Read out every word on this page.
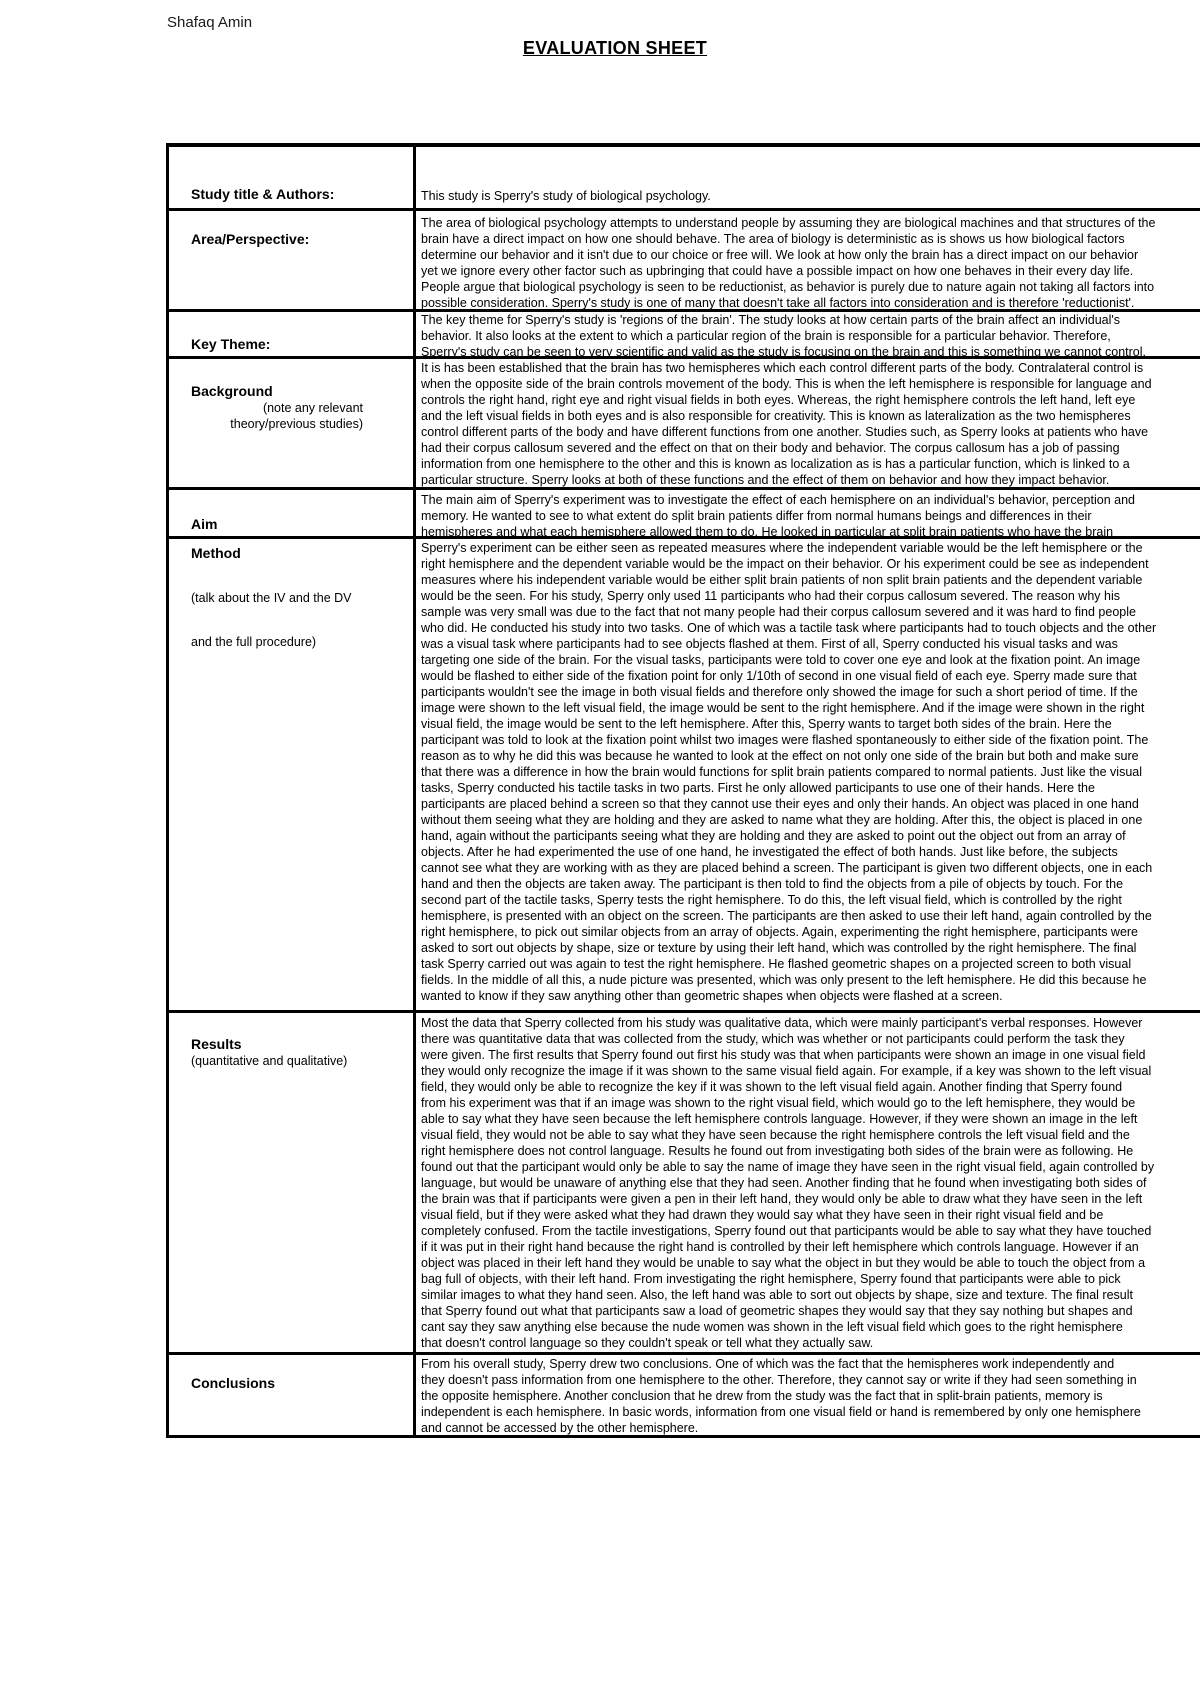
Shafaq Amin
EVALUATION SHEET
Study title & Authors:	This study is Sperry's study of biological psychology.
Area/Perspective:
The area of biological psychology attempts to understand people by assuming they are biological machines and that structures of the
brain have a direct impact on how one should behave. The area of biology is deterministic as is shows us how biological factors
determine our behavior and it isn't due to our choice or free will. We look at how only the brain has a direct impact on our behavior
yet we ignore every other factor such as upbringing that could have a possible impact on how one behaves in their every day life.
People argue that biological psychology is seen to be reductionist, as behavior is purely due to nature again not taking all factors into
possible consideration. Sperry's study is one of many that doesn't take all factors into consideration and is therefore 'reductionist'.
Key Theme:
The key theme for Sperry's study is 'regions of the brain'. The study looks at how certain parts of the brain affect an individual's
behavior. It also looks at the extent to which a particular region of the brain is responsible for a particular behavior. Therefore,
Sperry's study can be seen to very scientific and valid as the study is focusing on the brain and this is something we cannot control.
Background
(note any relevant
theory/previous studies)
It is has been established that the brain has two hemispheres which each control different parts of the body. Contralateral control is
when the opposite side of the brain controls movement of the body. This is when the left hemisphere is responsible for language and
controls the right hand, right eye and right visual fields in both eyes. Whereas, the right hemisphere controls the left hand, left eye
and the left visual fields in both eyes and is also responsible for creativity. This is known as lateralization as the two hemispheres
control different parts of the body and have different functions from one another. Studies such, as Sperry looks at patients who have
had their corpus callosum severed and the effect on that on their body and behavior. The corpus callosum has a job of passing
information from one hemisphere to the other and this is known as localization as is has a particular function, which is linked to a
particular structure. Sperry looks at both of these functions and the effect of them on behavior and how they impact behavior.
Aim
The main aim of Sperry's experiment was to investigate the effect of each hemisphere on an individual's behavior, perception and
memory. He wanted to see to what extent do split brain patients differ from normal humans beings and differences in their
hemispheres and what each hemisphere allowed them to do. He looked in particular at split brain patients who have the brain
Method
(talk about the IV and the DV
and the full procedure)
Sperry's experiment can be either seen as repeated measures where the independent variable would be the left hemisphere or the
right hemisphere and the dependent variable would be the impact on their behavior. Or his experiment could be see as independent
measures where his independent variable would be either split brain patients of non split brain patients and the dependent variable
would be the seen. For his study, Sperry only used 11 participants who had their corpus callosum severed. The reason why his
sample was very small was due to the fact that not many people had their corpus callosum severed and it was hard to find people
who did. He conducted his study into two tasks. One of which was a tactile task where participants had to touch objects and the other
was a visual task where participants had to see objects flashed at them. First of all, Sperry conducted his visual tasks and was
targeting one side of the brain. For the visual tasks, participants were told to cover one eye and look at the fixation point. An image
would be flashed to either side of the fixation point for only 1/10th of second in one visual field of each eye. Sperry made sure that
participants wouldn't see the image in both visual fields and therefore only showed the image for such a short period of time. If the
image were shown to the left visual field, the image would be sent to the right hemisphere. And if the image were shown in the right
visual field, the image would be sent to the left hemisphere. After this, Sperry wants to target both sides of the brain. Here the
participant was told to look at the fixation point whilst two images were flashed spontaneously to either side of the fixation point. The
reason as to why he did this was because he wanted to look at the effect on not only one side of the brain but both and make sure
that there was a difference in how the brain would functions for split brain patients compared to normal patients. Just like the visual
tasks, Sperry conducted his tactile tasks in two parts. First he only allowed participants to use one of their hands. Here the
participants are placed behind a screen so that they cannot use their eyes and only their hands. An object was placed in one hand
without them seeing what they are holding and they are asked to name what they are holding. After this, the object is placed in one
hand, again without the participants seeing what they are holding and they are asked to point out the object out from an array of
objects. After he had experimented the use of one hand, he investigated the effect of both hands. Just like before, the subjects
cannot see what they are working with as they are placed behind a screen. The participant is given two different objects, one in each
hand and then the objects are taken away. The participant is then told to find the objects from a pile of objects by touch. For the
second part of the tactile tasks, Sperry tests the right hemisphere. To do this, the left visual field, which is controlled by the right
hemisphere, is presented with an object on the screen. The participants are then asked to use their left hand, again controlled by the
right hemisphere, to pick out similar objects from an array of objects. Again, experimenting the right hemisphere, participants were
asked to sort out objects by shape, size or texture by using their left hand, which was controlled by the right hemisphere. The final
task Sperry carried out was again to test the right hemisphere. He flashed geometric shapes on a projected screen to both visual
fields. In the middle of all this, a nude picture was presented, which was only present to the left hemisphere. He did this because he
wanted to know if they saw anything other than geometric shapes when objects were flashed at a screen.
Results
(quantitative and qualitative)
Most the data that Sperry collected from his study was qualitative data, which were mainly participant's verbal responses. However
there was quantitative data that was collected from the study, which was whether or not participants could perform the task they
were given. The first results that Sperry found out first his study was that when participants were shown an image in one visual field
they would only recognize the image if it was shown to the same visual field again. For example, if a key was shown to the left visual
field, they would only be able to recognize the key if it was shown to the left visual field again. Another finding that Sperry found
from his experiment was that if an image was shown to the right visual field, which would go to the left hemisphere, they would be
able to say what they have seen because the left hemisphere controls language. However, if they were shown an image in the left
visual field, they would not be able to say what they have seen because the right hemisphere controls the left visual field and the
right hemisphere does not control language. Results he found out from investigating both sides of the brain were as following. He
found out that the participant would only be able to say the name of image they have seen in the right visual field, again controlled by
language, but would be unaware of anything else that they had seen. Another finding that he found when investigating both sides of
the brain was that if participants were given a pen in their left hand, they would only be able to draw what they have seen in the left
visual field, but if they were asked what they had drawn they would say what they have seen in their right visual field and be
completely confused. From the tactile investigations, Sperry found out that participants would be able to say what they have touched
if it was put in their right hand because the right hand is controlled by their left hemisphere which controls language. However if an
object was placed in their left hand they would be unable to say what the object in but they would be able to touch the object from a
bag full of objects, with their left hand. From investigating the right hemisphere, Sperry found that participants were able to pick
similar images to what they hand seen. Also, the left hand was able to sort out objects by shape, size and texture. The final result
that Sperry found out what that participants saw a load of geometric shapes they would say that they say nothing but shapes and
cant say they saw anything else because the nude women was shown in the left visual field which goes to the right hemisphere
that doesn't control language so they couldn't speak or tell what they actually saw.
Conclusions
From his overall study, Sperry drew two conclusions. One of which was the fact that the hemispheres work independently and
they doesn't pass information from one hemisphere to the other. Therefore, they cannot say or write if they had seen something in
the opposite hemisphere. Another conclusion that he drew from the study was the fact that in split-brain patients, memory is
independent is each hemisphere. In basic words, information from one visual field or hand is remembered by only one hemisphere
and cannot be accessed by the other hemisphere.
